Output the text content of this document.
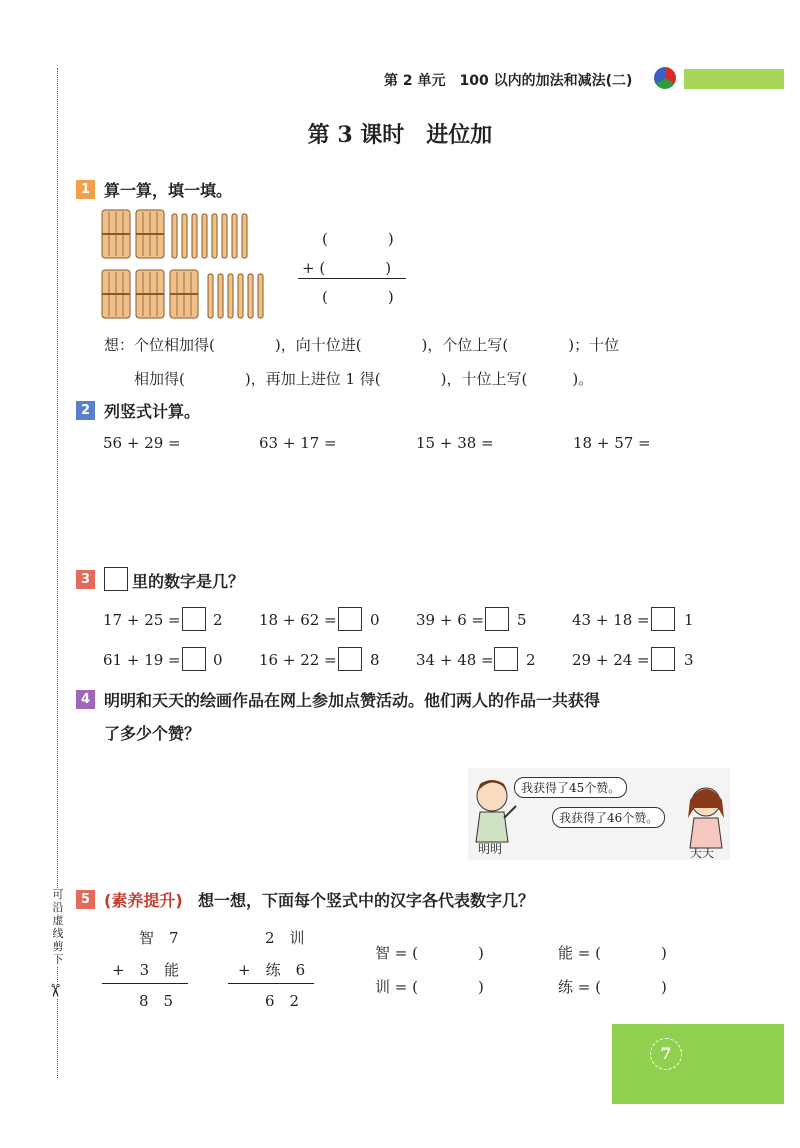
可沿虚线剪下
✂
第 2 单元　100 以内的加法和减法(二)
第 3 课时　进位加
1 算一算，填一填。
(　　　　)
+ (　　　　)
(　　　　)
想：个位相加得(　　　　)，向十位进(　　　　)，个位上写(　　　　)；十位
相加得(　　　　)，再加上进位 1 得(　　　　)，十位上写(　　　)。
2 列竖式计算。
56 + 29 =	63 + 17 =	15 + 38 =	18 + 57 =
3	里的数字是几？
17 + 25 = 2 18 + 62 = 0 39 + 6 = 5	43 + 18 = 1
61 + 19 = 0 16 + 22 = 8 34 + 48 = 2 29 + 24 = 3
4 明明和天天的绘画作品在网上参加点赞活动。他们两人的作品一共获得
了多少个赞？
我获得了45个赞。
我获得了46个赞。
明明	天天
5 (素养提升) 想一想，下面每个竖式中的汉字各代表数字几？
智　7
+　3　能
8　5
2　训
+　练　6
6　2
智 = (　　　　)	能 = (　　　　)
训 = (　　　　)	练 = (　　　　)
7
